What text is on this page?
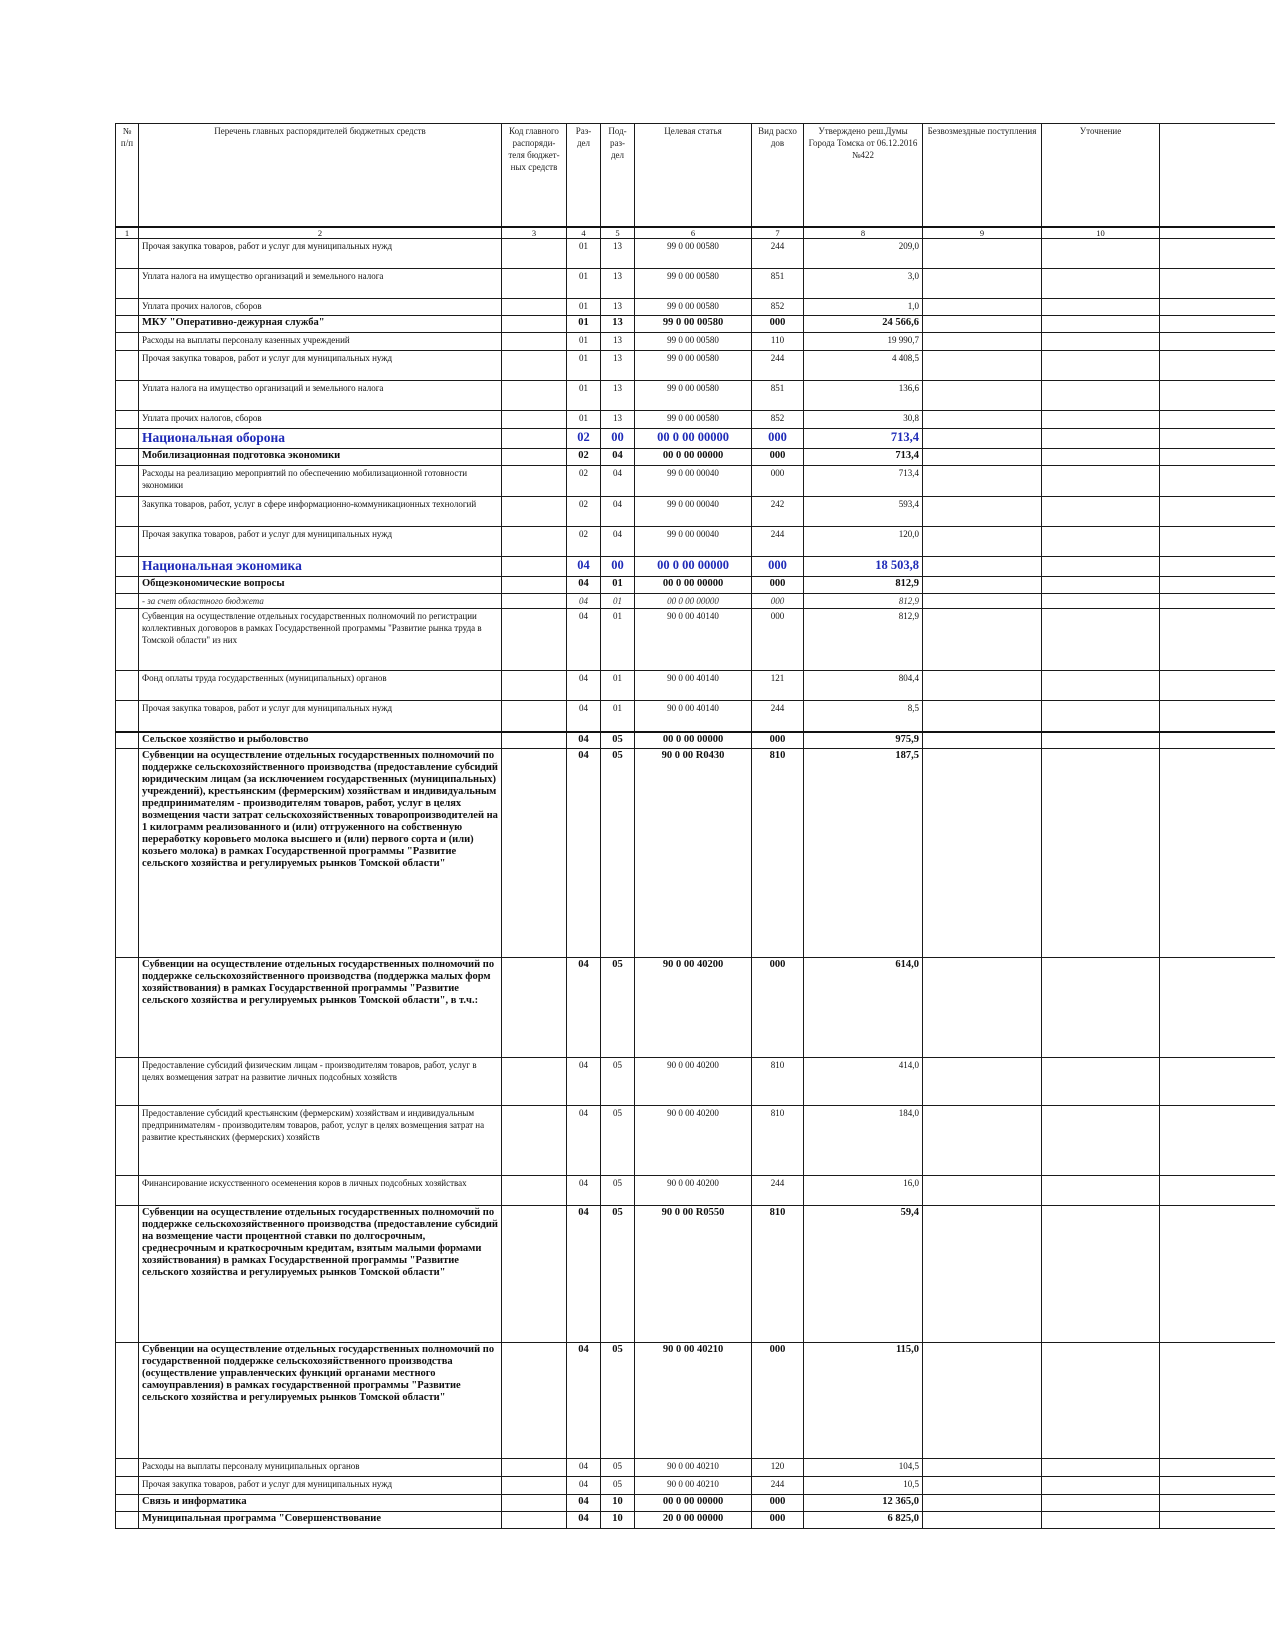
№ п/п	Перечень главных распорядителей бюджетных средств	Код главного распоряди-теля бюджет-ных средств	Раз-дел	Под-раз-дел	Целевая статья	Вид расхо дов	Утверждено реш.Думы Города Томска от 06.12.2016 №422	Безвозмездные поступления	Уточнение	
1	2	3	4	5	6	7	8	9	10	
	Прочая закупка товаров, работ и услуг для муниципальных нужд		01	13	99 0 00 00580	244	209,0			
	Уплата налога на имущество организаций и земельного налога		01	13	99 0 00 00580	851	3,0			
	Уплата прочих налогов, сборов		01	13	99 0 00 00580	852	1,0			
	МКУ "Оперативно-дежурная служба"		01	13	99 0 00 00580	000	24 566,6			
	Расходы на выплаты персоналу казенных учреждений		01	13	99 0 00 00580	110	19 990,7			
	Прочая закупка товаров, работ и услуг для муниципальных нужд		01	13	99 0 00 00580	244	4 408,5			
	Уплата налога на имущество организаций и земельного налога		01	13	99 0 00 00580	851	136,6			
	Уплата прочих налогов, сборов		01	13	99 0 00 00580	852	30,8			
	Национальная оборона		02	00	00 0 00 00000	000	713,4			
	Мобилизационная подготовка экономики		02	04	00 0 00 00000	000	713,4			
	Расходы на реализацию мероприятий по обеспечению мобилизационной готовности экономики		02	04	99 0 00 00040	000	713,4			
	Закупка товаров, работ, услуг в сфере информационно-коммуникационных технологий		02	04	99 0 00 00040	242	593,4			
	Прочая закупка товаров, работ и услуг для муниципальных нужд		02	04	99 0 00 00040	244	120,0			
	Национальная экономика		04	00	00 0 00 00000	000	18 503,8			
	Общеэкономические вопросы		04	01	00 0 00 00000	000	812,9			
	- за счет областного бюджета		04	01	00 0 00 00000	000	812,9			
	Субвенция на осуществление отдельных государственных полномочий по регистрации коллективных договоров в рамках Государственной программы "Развитие рынка труда в Томской области" из них		04	01	90 0 00 40140	000	812,9			
	Фонд оплаты труда государственных (муниципальных) органов		04	01	90 0 00 40140	121	804,4			
	Прочая закупка товаров, работ и услуг для муниципальных нужд		04	01	90 0 00 40140	244	8,5			
	Сельское хозяйство и рыболовство		04	05	00 0 00 00000	000	975,9			
	Субвенции на осуществление отдельных государственных полномочий по поддержке сельскохозяйственного производства (предоставление субсидий юридическим лицам (за исключением государственных (муниципальных) учреждений), крестьянским (фермерским) хозяйствам и индивидуальным предпринимателям - производителям товаров, работ, услуг в целях возмещения части затрат сельскохозяйственных товаропроизводителей на 1 килограмм реализованного и (или) отгруженного на собственную переработку коровьего молока высшего и (или) первого сорта и (или) козьего молока) в рамках Государственной программы "Развитие сельского хозяйства и регулируемых рынков Томской области"		04	05	90 0 00 R0430	810	187,5			
	Субвенции на осуществление отдельных государственных полномочий по поддержке сельскохозяйственного производства (поддержка малых форм хозяйствования) в рамках Государственной программы "Развитие сельского хозяйства и регулируемых рынков Томской области", в т.ч.:		04	05	90 0 00 40200	000	614,0			
	Предоставление субсидий физическим лицам - производителям товаров, работ, услуг в целях возмещения затрат на развитие личных подсобных хозяйств		04	05	90 0 00 40200	810	414,0			
	Предоставление субсидий крестьянским (фермерским) хозяйствам и индивидуальным предпринимателям - производителям товаров, работ, услуг в целях возмещения затрат на развитие крестьянских (фермерских) хозяйств		04	05	90 0 00 40200	810	184,0			
	Финансирование искусственного осеменения коров в личных подсобных хозяйствах		04	05	90 0 00 40200	244	16,0			
	Субвенции на осуществление отдельных государственных полномочий по поддержке сельскохозяйственного производства (предоставление субсидий на возмещение части процентной ставки по долгосрочным, среднесрочным и краткосрочным кредитам, взятым малыми формами хозяйствования) в рамках Государственной программы "Развитие сельского хозяйства и регулируемых рынков Томской области"		04	05	90 0 00 R0550	810	59,4			
	Субвенции на осуществление отдельных государственных полномочий по государственной поддержке сельскохозяйственного производства (осуществление управленческих функций органами местного самоуправления) в рамках государственной программы "Развитие сельского хозяйства и регулируемых рынков Томской области"		04	05	90 0 00 40210	000	115,0			
	Расходы на выплаты персоналу муниципальных органов		04	05	90 0 00 40210	120	104,5			
	Прочая закупка товаров, работ и услуг для муниципальных нужд		04	05	90 0 00 40210	244	10,5			
	Связь и информатика		04	10	00 0 00 00000	000	12 365,0			
	Муниципальная программа "Совершенствование		04	10	20 0 00 00000	000	6 825,0			
